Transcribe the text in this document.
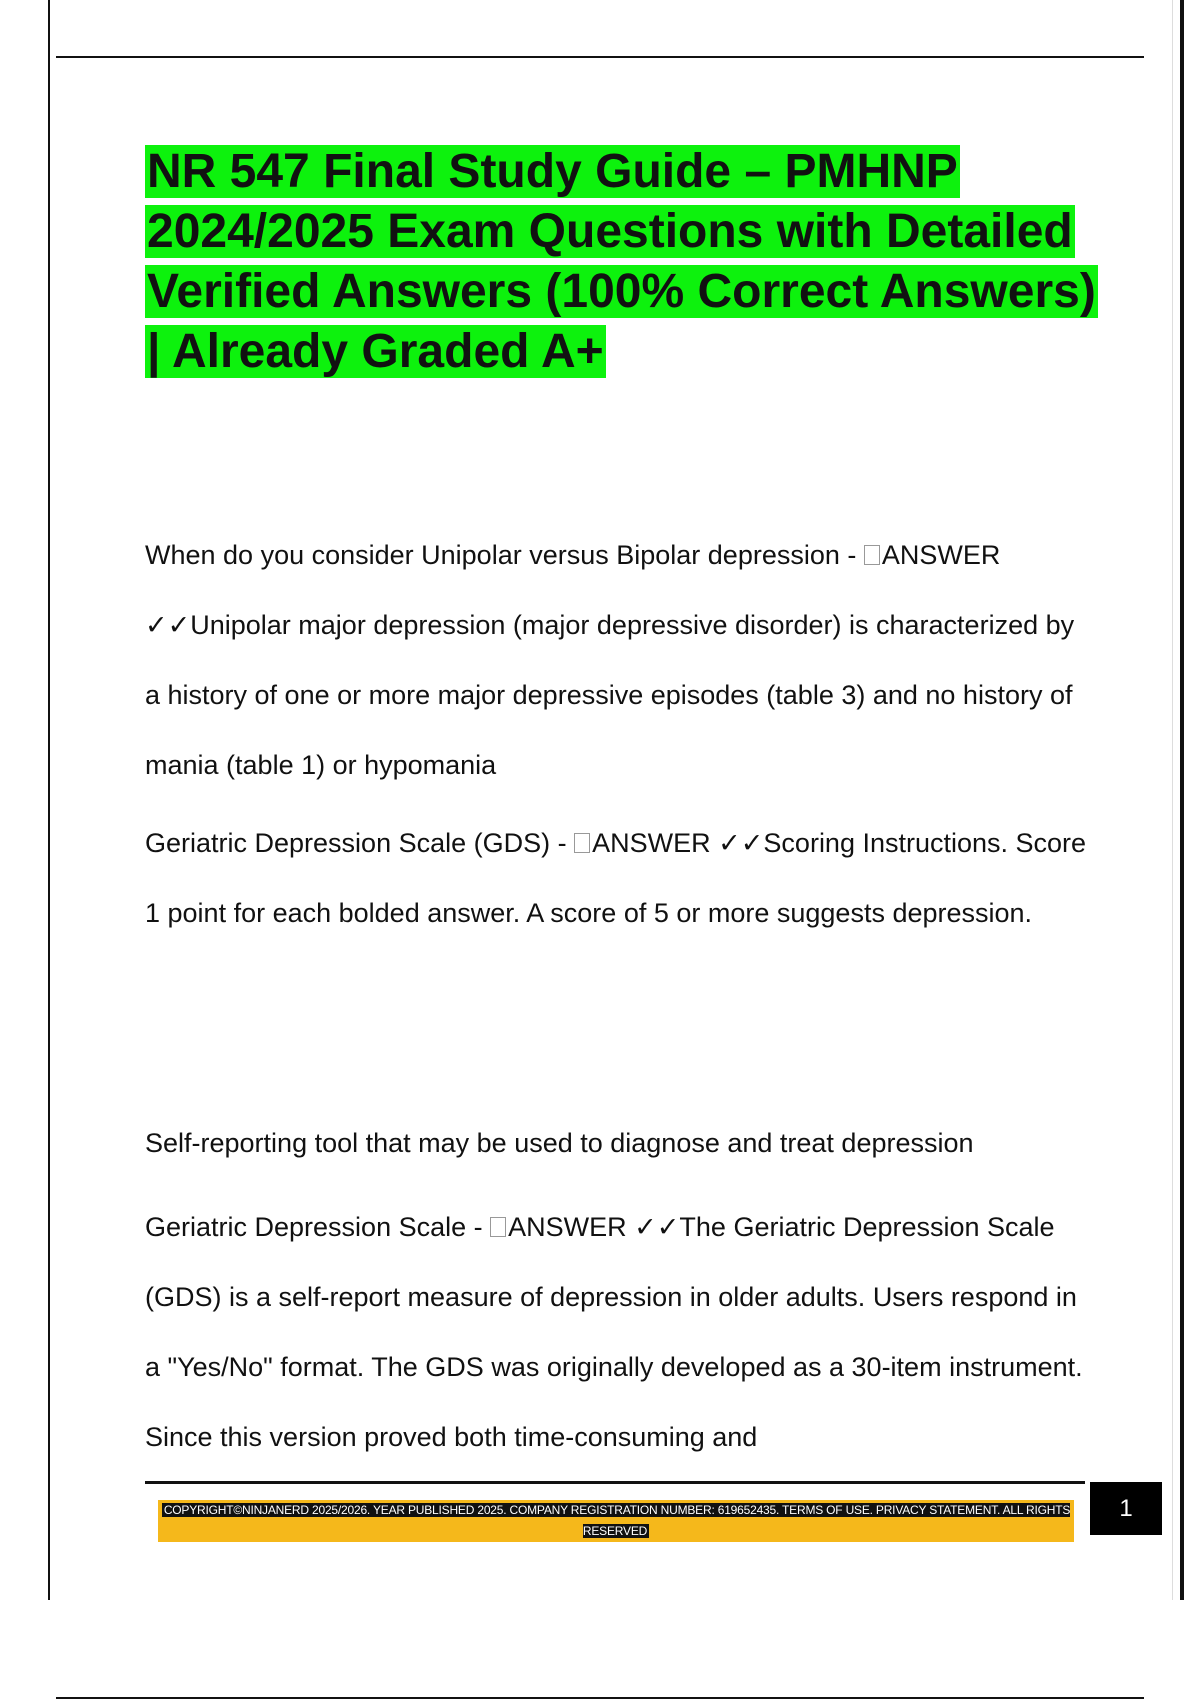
NR 547 Final Study Guide – PMHNP 2024/2025 Exam Questions with Detailed Verified Answers (100% Correct Answers) | Already Graded A+

When do you consider Unipolar versus Bipolar depression - ANSWER ✓✓Unipolar major depression (major depressive disorder) is characterized by a history of one or more major depressive episodes (table 3) and no history of mania (table 1) or hypomania

Geriatric Depression Scale (GDS) - ANSWER ✓✓Scoring Instructions. Score 1 point for each bolded answer. A score of 5 or more suggests depression.

Self-reporting tool that may be used to diagnose and treat depression

Geriatric Depression Scale - ANSWER ✓✓The Geriatric Depression Scale (GDS) is a self-report measure of depression in older adults. Users respond in a "Yes/No" format. The GDS was originally developed as a 30-item instrument. Since this version proved both time-consuming and

COPYRIGHT©NINJANERD 2025/2026. YEAR PUBLISHED 2025. COMPANY REGISTRATION NUMBER: 619652435. TERMS OF USE. PRIVACY STATEMENT. ALL RIGHTS RESERVED
1
